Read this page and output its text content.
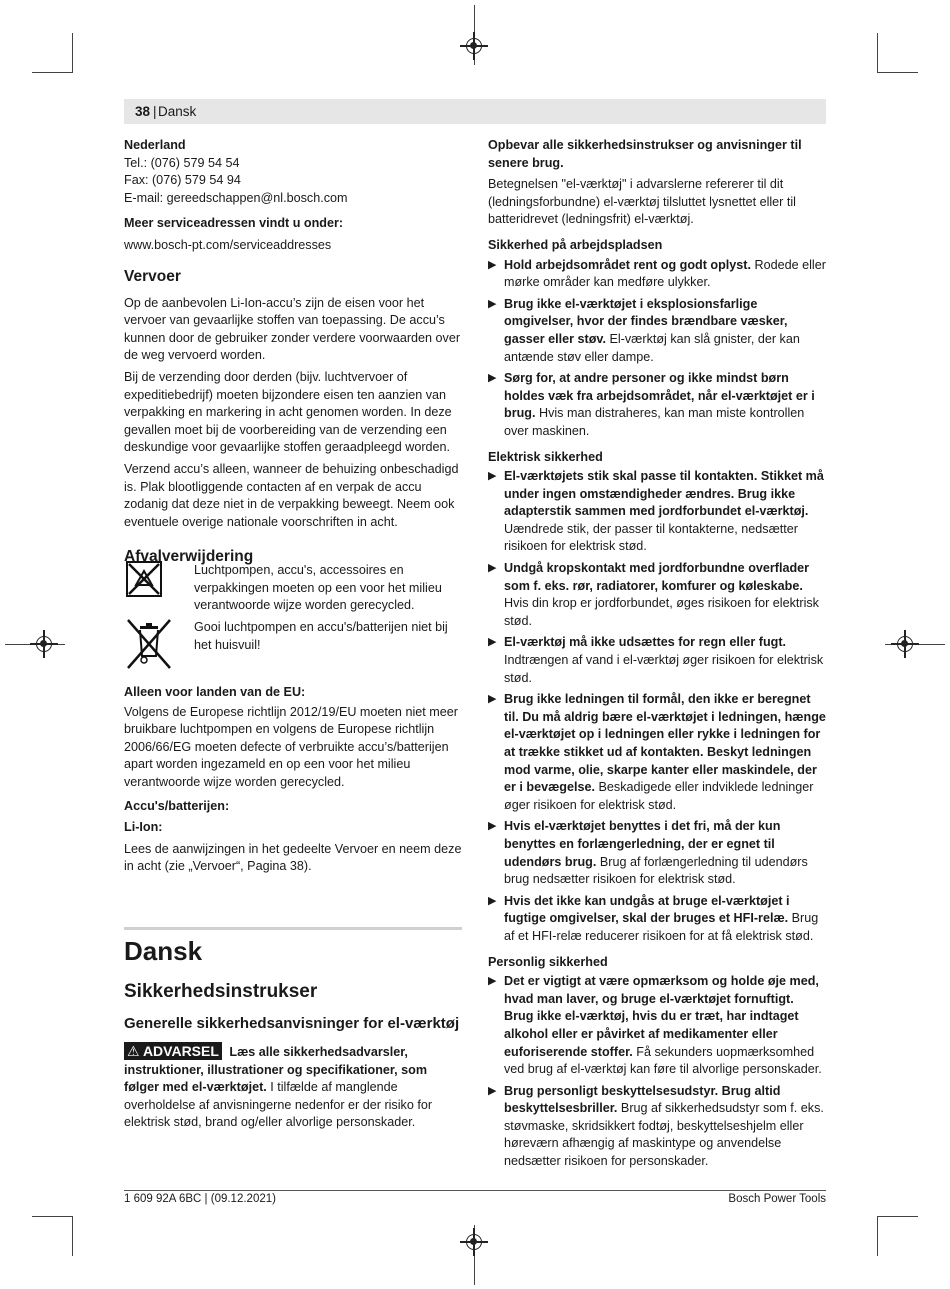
38 | Dansk
Nederland
Tel.: (076) 579 54 54
Fax: (076) 579 54 94
E-mail: gereedschappen@nl.bosch.com
Meer serviceadressen vindt u onder:
www.bosch-pt.com/serviceaddresses
Vervoer

Op de aanbevolen Li-Ion-accu’s zijn de eisen voor het vervoer van gevaarlijke stoffen van toepassing. De accu’s kunnen door de gebruiker zonder verdere voorwaarden over de weg vervoerd worden.

Bij de verzending door derden (bijv. luchtvervoer of expeditiebedrijf) moeten bijzondere eisen ten aanzien van verpakking en markering in acht genomen worden. In deze gevallen moet bij de voorbereiding van de verzending een deskundige voor gevaarlijke stoffen geraadpleegd worden.

Verzend accu’s alleen, wanneer de behuizing onbeschadigd is. Plak blootliggende contacten af en verpak de accu zodanig dat deze niet in de verpakking beweegt. Neem ook eventuele overige nationale voorschriften in acht.

Afvalverwijdering

Luchtpompen, accu's, accessoires en verpakkingen moeten op een voor het milieu verantwoorde wijze worden gerecycled.

Gooi luchtpompen en accu's/batterijen niet bij het huisvuil!

Alleen voor landen van de EU:

Volgens de Europese richtlijn 2012/19/EU moeten niet meer bruikbare luchtpompen en volgens de Europese richtlijn 2006/66/EG moeten defecte of verbruikte accu’s/batterijen apart worden ingezameld en op een voor het milieu verantwoorde wijze worden gerecycled.

Accu's/batterijen:
Li-Ion:

Lees de aanwijzingen in het gedeelte Vervoer en neem deze in acht (zie „Vervoer“, Pagina 38).

Dansk
Sikkerhedsinstrukser
Generelle sikkerhedsanvisninger for el-værktøj

⚠ ADVARSEL Læs alle sikkerhedsadvarsler, instruktioner, illustrationer og specifikationer, som følger med el-værktøjet. I tilfælde af manglende overholdelse af anvisningerne nedenfor er der risiko for elektrisk stød, brand og/eller alvorlige personskader.

Opbevar alle sikkerhedsinstrukser og anvisninger til senere brug.

Betegnelsen "el-værktøj" i advarslerne refererer til dit (ledningsforbundne) el-værktøj tilsluttet lysnettet eller til batteridrevet (ledningsfrit) el-værktøj.

Sikkerhed på arbejdspladsen
▶ Hold arbejdsområdet rent og godt oplyst. Rodede eller mørke områder kan medføre ulykker.
▶ Brug ikke el-værktøjet i eksplosionsfarlige omgivelser, hvor der findes brændbare væsker, gasser eller støv. El-værktøj kan slå gnister, der kan antænde støv eller dampe.
▶ Sørg for, at andre personer og ikke mindst børn holdes væk fra arbejdsområdet, når el-værktøjet er i brug. Hvis man distraheres, kan man miste kontrollen over maskinen.
Elektrisk sikkerhed
▶ El-værktøjets stik skal passe til kontakten. Stikket må under ingen omstændigheder ændres. Brug ikke adapterstik sammen med jordforbundet el-værktøj. Uændrede stik, der passer til kontakterne, nedsætter risikoen for elektrisk stød.
▶ Undgå kropskontakt med jordforbundne overflader som f. eks. rør, radiatorer, komfurer og køleskabe. Hvis din krop er jordforbundet, øges risikoen for elektrisk stød.
▶ El-værktøj må ikke udsættes for regn eller fugt. Indtrængen af vand i el-værktøj øger risikoen for elektrisk stød.
▶ Brug ikke ledningen til formål, den ikke er beregnet til. Du må aldrig bære el-værktøjet i ledningen, hænge el-værktøjet op i ledningen eller rykke i ledningen for at trække stikket ud af kontakten. Beskyt ledningen mod varme, olie, skarpe kanter eller maskindele, der er i bevægelse. Beskadigede eller indviklede ledninger øger risikoen for elektrisk stød.
▶ Hvis el-værktøjet benyttes i det fri, må der kun benyttes en forlængerledning, der er egnet til udendørs brug. Brug af forlængerledning til udendørs brug nedsætter risikoen for elektrisk stød.
▶ Hvis det ikke kan undgås at bruge el-værktøjet i fugtige omgivelser, skal der bruges et HFI-relæ. Brug af et HFI-relæ reducerer risikoen for at få elektrisk stød.
Personlig sikkerhed
▶ Det er vigtigt at være opmærksom og holde øje med, hvad man laver, og bruge el-værktøjet fornuftigt. Brug ikke el-værktøj, hvis du er træt, har indtaget alkohol eller er påvirket af medikamenter eller euforiserende stoffer. Få sekunders uopmærksomhed ved brug af el-værktøj kan føre til alvorlige personskader.
▶ Brug personligt beskyttelsesudstyr. Brug altid beskyttelsesbriller. Brug af sikkerhedsudstyr som f. eks. støvmaske, skridsikkert fodtøj, beskyttelseshjelm eller høreværn afhængig af maskintype og anvendelse nedsætter risikoen for personskader.
1 609 92A 6BC | (09.12.2021)	Bosch Power Tools
